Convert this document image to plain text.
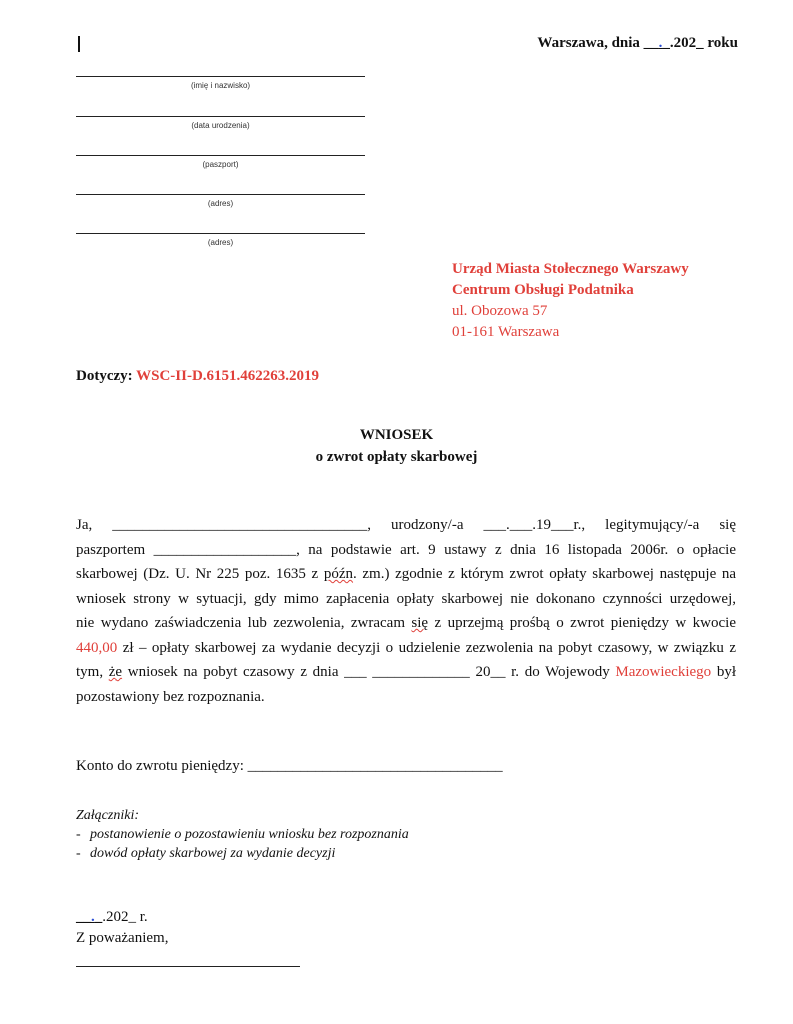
Warszawa, dnia __._.202_ roku
(imię i nazwisko)
(data urodzenia)
(paszport)
(adres)
(adres)
Urząd Miasta Stołecznego Warszawy
Centrum Obsługi Podatnika
ul. Obozowa 57
01-161 Warszawa
Dotyczy: WSC-II-D.6151.462263.2019
WNIOSEK
o zwrot opłaty skarbowej
Ja, __________________________________, urodzony/-a ___.___.19___r., legitymujący/-a się
paszportem ___________________, na podstawie art. 9 ustawy z dnia 16 listopada 2006r. o opłacie
skarbowej (Dz. U. Nr 225 poz. 1635 z późn. zm.) zgodnie z którym zwrot opłaty skarbowej następuje na
wniosek strony w sytuacji, gdy mimo zapłacenia opłaty skarbowej nie dokonano czynności urzędowej,
nie wydano zaświadczenia lub zezwolenia, zwracam się z uprzejmą prośbą o zwrot pieniędzy w kwocie
440,00 zł – opłaty skarbowej za wydanie decyzji o udzielenie zezwolenia na pobyt czasowy, w związku z
tym, że wniosek na pobyt czasowy z dnia ___ _____________ 20__ r. do Wojewody Mazowieckiego był
pozostawiony bez rozpoznania.
Konto do zwrotu pieniędzy: __________________________________
Załączniki:
- postanowienie o pozostawieniu wniosku bez rozpoznania
- dowód opłaty skarbowej za wydanie decyzji
__._.202_ r.
Z poważaniem,
